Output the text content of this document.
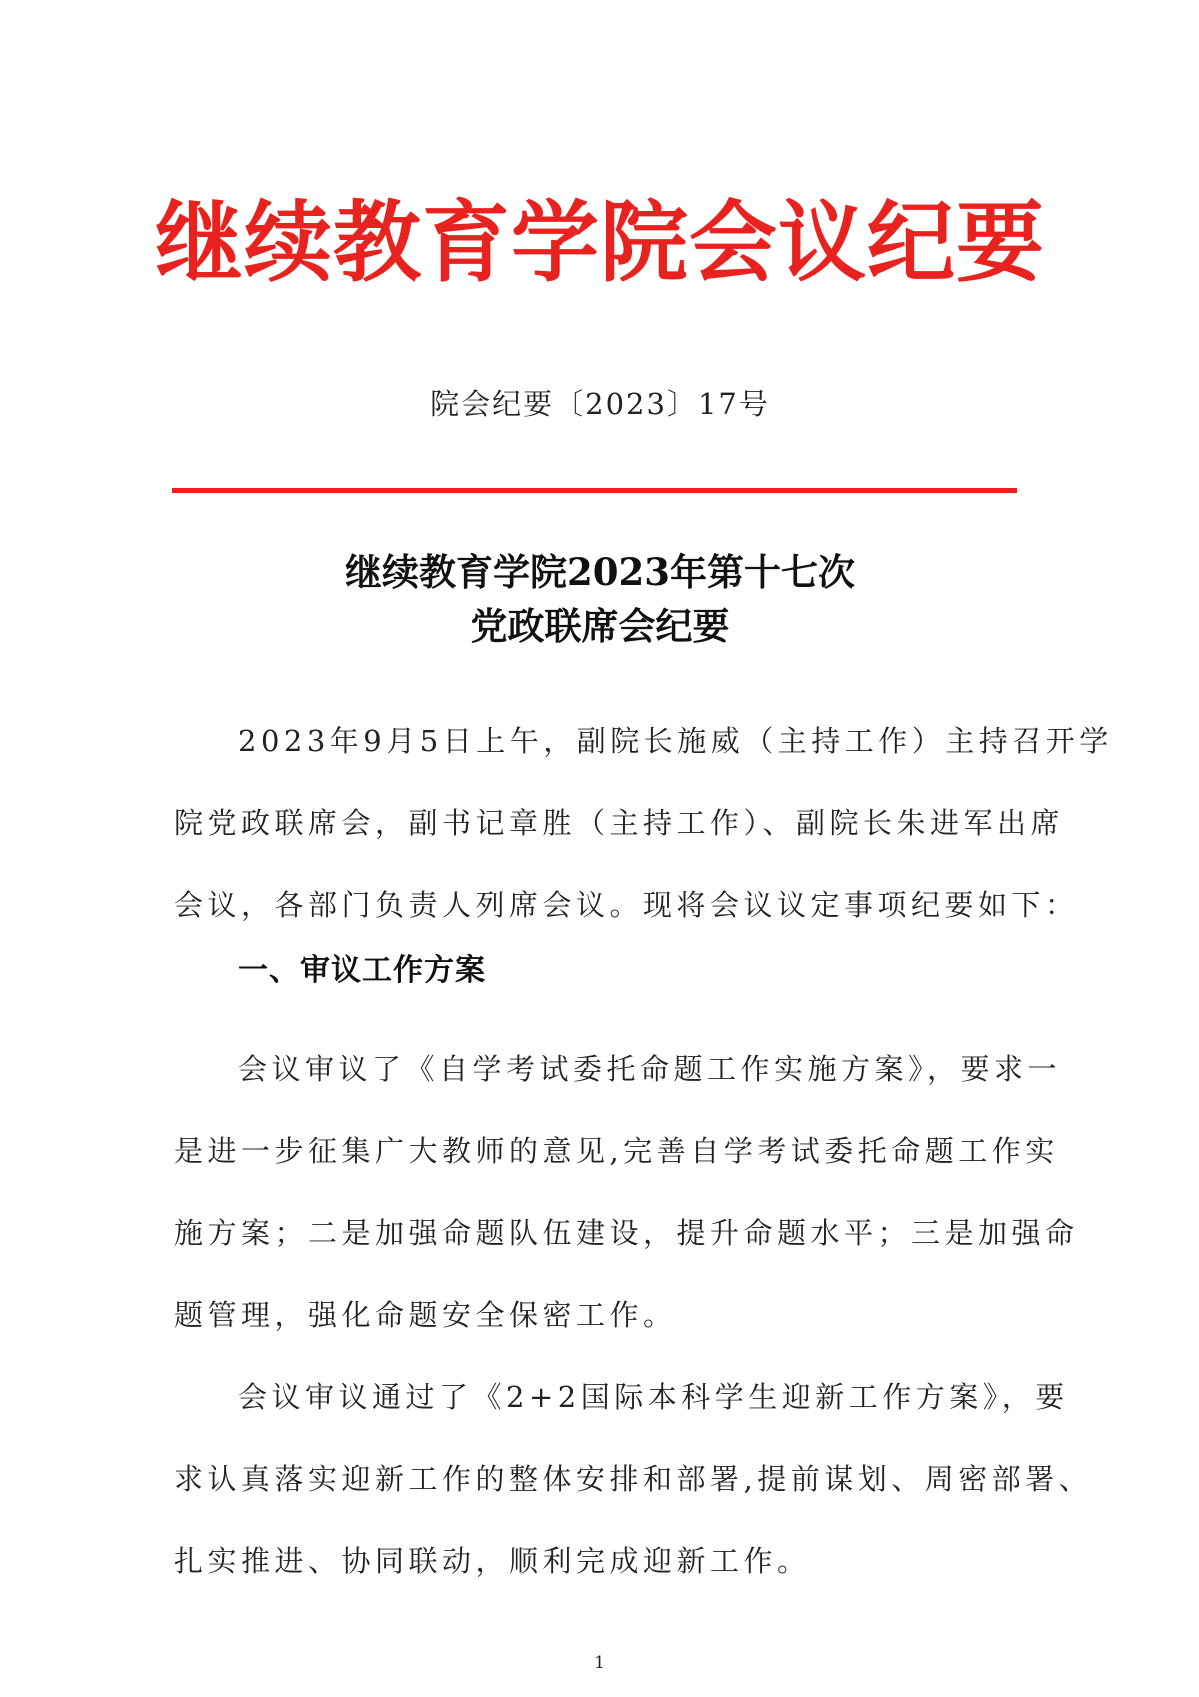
继续教育学院会议纪要
院会纪要〔2023〕17号
继续教育学院2023年第十七次
党政联席会纪要
2023年9月5日上午，副院长施威（主持工作）主持召开学
院党政联席会，副书记章胜（主持工作）、副院长朱进军出席
会议，各部门负责人列席会议。现将会议议定事项纪要如下：
一、审议工作方案
会议审议了《自学考试委托命题工作实施方案》，要求一
是进一步征集广大教师的意见,完善自学考试委托命题工作实
施方案；二是加强命题队伍建设，提升命题水平；三是加强命
题管理，强化命题安全保密工作。
会议审议通过了《2+2国际本科学生迎新工作方案》，要
求认真落实迎新工作的整体安排和部署,提前谋划、周密部署、
扎实推进、协同联动，顺利完成迎新工作。
1
